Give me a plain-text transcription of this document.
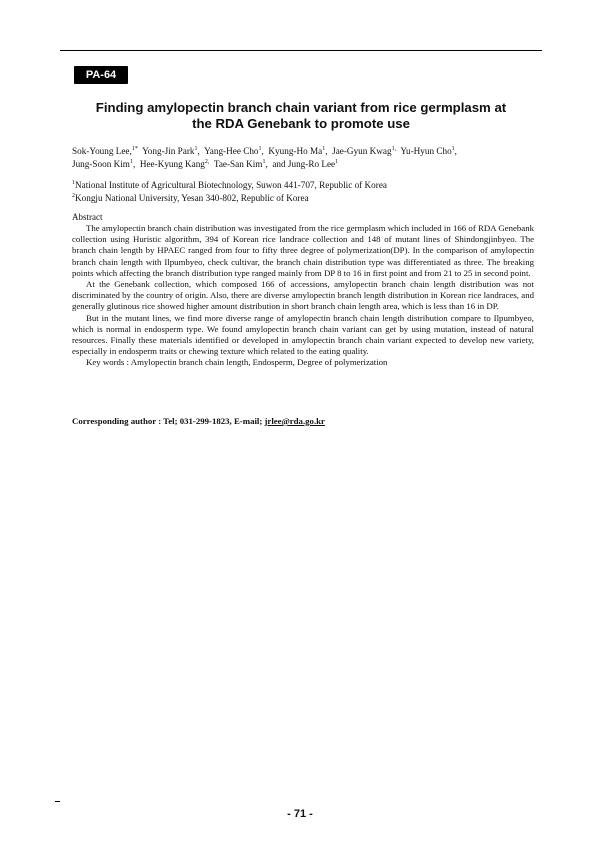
PA-64
Finding amylopectin branch chain variant from rice germplasm at
the RDA Genebank to promote use
Sok-Young Lee,$^{1*}$ Yong-Jin Park$^1$,  Yang-Hee Cho$^1$,  Kyung-Ho Ma$^1$,  Jae-Gyun Kwag$^{1,}$ Yu-Hyun Cho$^1$,
Jung-Soon Kim$^1$,  Hee-Kyung Kang$^{2,}$ Tae-San Kim$^1$,  and Jung-Ro Lee$^1$
$^1$National Institute of Agricultural Biotechnology, Suwon 441-707, Republic of Korea
$^2$Kongju National University, Yesan 340-802, Republic of Korea
Abstract

The amylopectin branch chain distribution was investigated from the rice germplasm which included in 166 of RDA Genebank collection using Huristic algorithm, 394 of Korean rice landrace collection and 148 of mutant lines of Shindongjinbyeo. The branch chain length by HPAEC ranged from four to fifty three degree of polymerization(DP). In the comparison of amylopectin branch chain length with Ilpumbyeo, check cultivar, the branch chain distribution type was differentiated as three. The breaking points which affecting the branch distribution type ranged mainly from DP 8 to 16 in first point and from 21 to 25 in second point.

At the Genebank collection, which composed 166 of accessions, amylopectin branch chain length distribution was not discriminated by the country of origin. Also, there are diverse amylopectin branch length distribution in Korean rice landraces, and generally glutinous rice showed higher amount distribution in short branch chain length area, which is less than 16 in DP.

But in the mutant lines, we find more diverse range of amylopectin branch chain length distribution compare to Ilpumbyeo, which is normal in endosperm type. We found amylopectin branch chain variant can get by using mutation, instead of natural resources. Finally these materials identified or developed in amylopectin branch chain variant expected to develop new variety, especially in endosperm traits or chewing texture which related to the eating quality.

Key words : Amylopectin branch chain length, Endosperm, Degree of polymerization

Corresponding author : Tel; 031-299-1823, E-mail; jrlee@rda.go.kr
- 71 -
